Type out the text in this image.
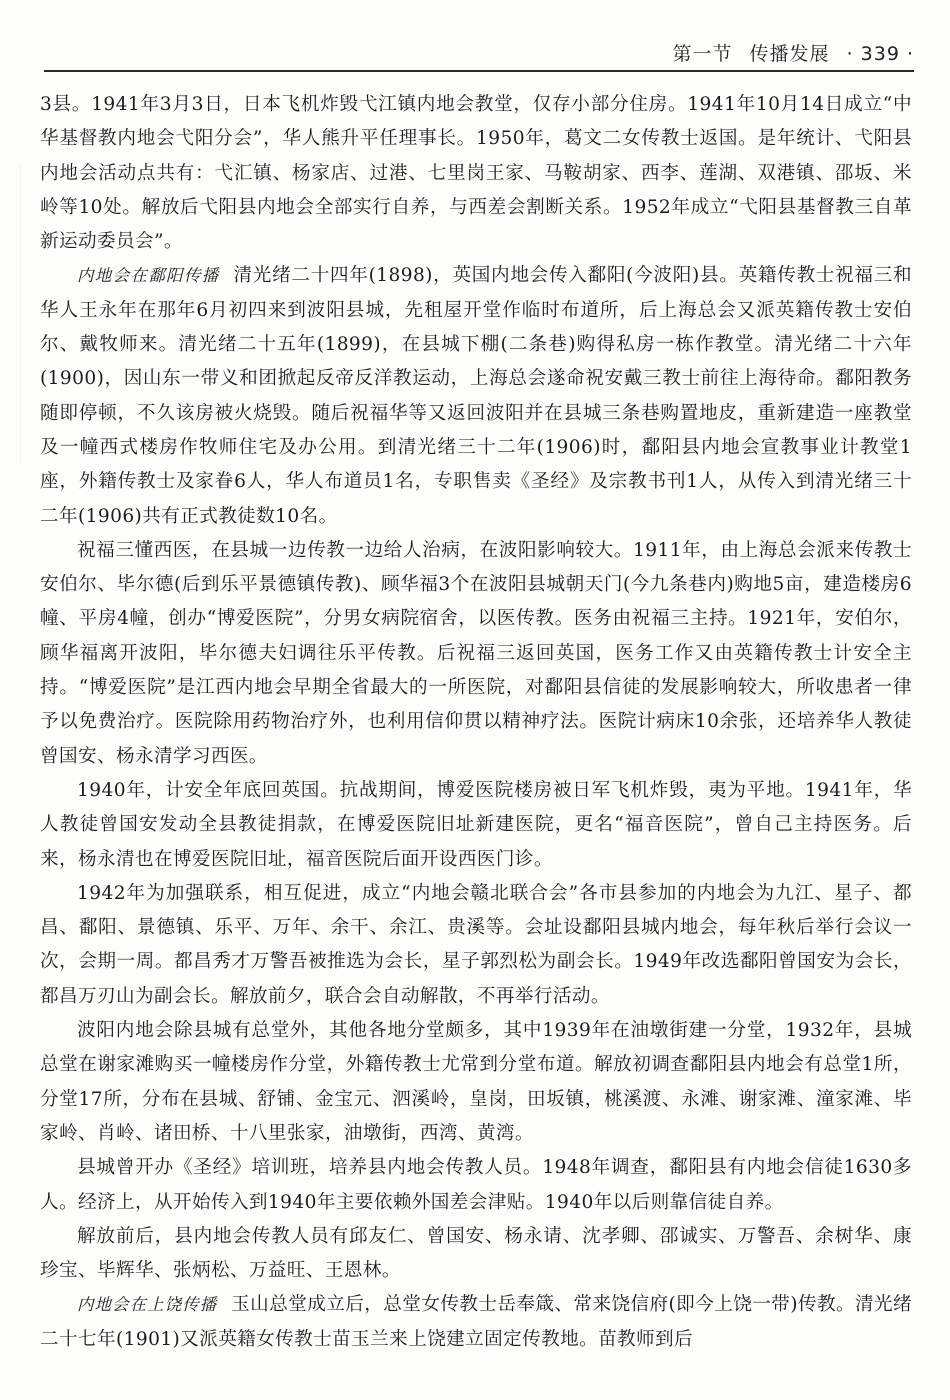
第一节 传播发展 · 339 ·

3县。1941年3月3日，日本飞机炸毁弋江镇内地会教堂，仅存小部分住房。1941年10月14日成立“中华基督教内地会弋阳分会”，华人熊升平任理事长。1950年，葛文二女传教士返国。是年统计、弋阳县内地会活动点共有：弋汇镇、杨家店、过港、七里岗王家、马鞍胡家、西李、莲湖、双港镇、邵坂、米岭等10处。解放后弋阳县内地会全部实行自养，与西差会割断关系。1952年成立“弋阳县基督教三自革新运动委员会”。

内地会在鄱阳传播 清光绪二十四年(1898)，英国内地会传入鄱阳(今波阳)县。英籍传教士祝福三和华人王永年在那年6月初四来到波阳县城，先租屋开堂作临时布道所，后上海总会又派英籍传教士安伯尔、戴牧师来。清光绪二十五年(1899)，在县城下棚(二条巷)购得私房一栋作教堂。清光绪二十六年(1900)，因山东一带义和团掀起反帝反洋教运动，上海总会遂命祝安戴三教士前往上海待命。鄱阳教务随即停顿，不久该房被火烧毁。随后祝福华等又返回波阳并在县城三条巷购置地皮，重新建造一座教堂及一幢西式楼房作牧师住宅及办公用。到清光绪三十二年(1906)时，鄱阳县内地会宣教事业计教堂1座，外籍传教士及家眷6人，华人布道员1名，专职售卖《圣经》及宗教书刊1人，从传入到清光绪三十二年(1906)共有正式教徒数10名。

祝福三懂西医，在县城一边传教一边给人治病，在波阳影响较大。1911年，由上海总会派来传教士安伯尔、毕尔德(后到乐平景德镇传教)、顾华福3个在波阳县城朝天门(今九条巷内)购地5亩，建造楼房6幢、平房4幢，创办“博爱医院”，分男女病院宿舍，以医传教。医务由祝福三主持。1921年，安伯尔，顾华福离开波阳，毕尔德夫妇调往乐平传教。后祝福三返回英国，医务工作又由英籍传教士计安全主持。“博爱医院”是江西内地会早期全省最大的一所医院，对鄱阳县信徒的发展影响较大，所收患者一律予以免费治疗。医院除用药物治疗外，也利用信仰贯以精神疗法。医院计病床10余张，还培养华人教徒曾国安、杨永清学习西医。

1940年，计安全年底回英国。抗战期间，博爱医院楼房被日军飞机炸毁，夷为平地。1941年，华人教徒曾国安发动全县教徒捐款，在博爱医院旧址新建医院，更名“福音医院”，曾自己主持医务。后来，杨永清也在博爱医院旧址，福音医院后面开设西医门诊。

1942年为加强联系，相互促进，成立“内地会赣北联合会”各市县参加的内地会为九江、星子、都昌、鄱阳、景德镇、乐平、万年、余干、余江、贵溪等。会址设鄱阳县城内地会，每年秋后举行会议一次，会期一周。都昌秀才万警吾被推选为会长，星子郭烈松为副会长。1949年改选鄱阳曾国安为会长，都昌万刃山为副会长。解放前夕，联合会自动解散，不再举行活动。

波阳内地会除县城有总堂外，其他各地分堂颇多，其中1939年在油墩街建一分堂，1932年，县城总堂在谢家滩购买一幢楼房作分堂，外籍传教士尤常到分堂布道。解放初调查鄱阳县内地会有总堂1所，分堂17所，分布在县城、舒铺、金宝元、泗溪岭，皇岗，田坂镇，桃溪渡、永滩、谢家滩、潼家滩、毕家岭、肖岭、诸田桥、十八里张家，油墩街，西湾、黄湾。

县城曾开办《圣经》培训班，培养县内地会传教人员。1948年调查，鄱阳县有内地会信徒1630多人。经济上，从开始传入到1940年主要依赖外国差会津贴。1940年以后则靠信徒自养。

解放前后，县内地会传教人员有邱友仁、曾国安、杨永请、沈孝卿、邵诚实、万警吾、余树华、康珍宝、毕辉华、张炳松、万益旺、王恩林。

内地会在上饶传播 玉山总堂成立后，总堂女传教士岳奉箴、常来饶信府(即今上饶一带)传教。清光绪二十七年(1901)又派英籍女传教士苗玉兰来上饶建立固定传教地。苗教师到后
